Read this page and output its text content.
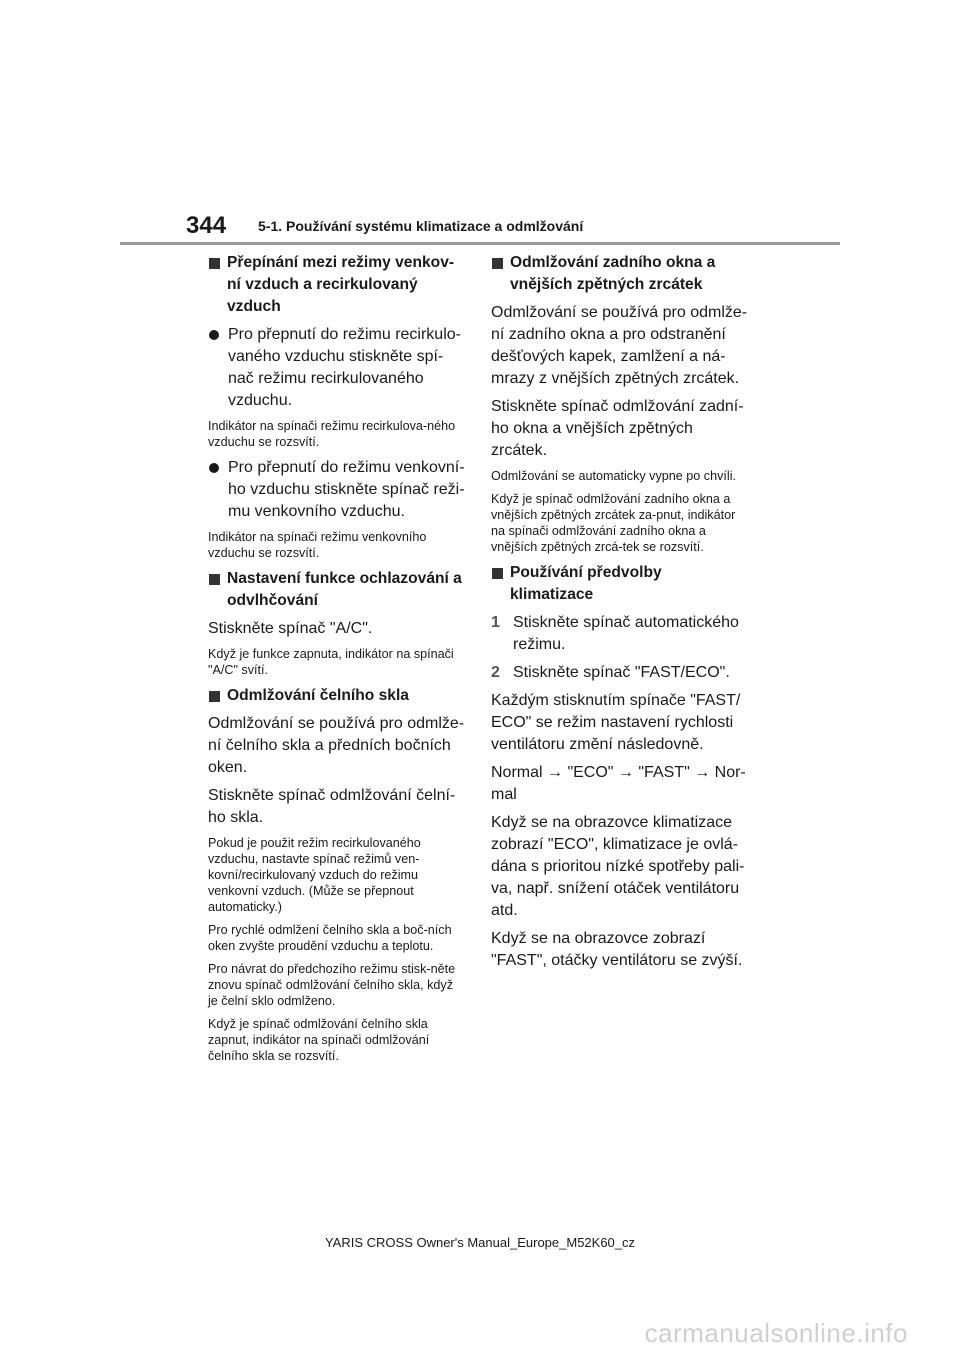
344 5-1. Používání systému klimatizace a odmlžování
Přepínání mezi režimy venkov-ní vzduch a recirkulovaný vzduch
Pro přepnutí do režimu recirkulo-vaného vzduchu stiskněte spí-nač režimu recirkulovaného vzduchu.
Indikátor na spínači režimu recirkulova-ného vzduchu se rozsvítí.
Pro přepnutí do režimu venkovní-ho vzduchu stiskněte spínač reži-mu venkovního vzduchu.
Indikátor na spínači režimu venkovního vzduchu se rozsvítí.
Nastavení funkce ochlazování a odvlhčování
Stiskněte spínač "A/C".
Když je funkce zapnuta, indikátor na spínači "A/C" svítí.
Odmlžování čelního skla
Odmlžování se používá pro odmlže-ní čelního skla a předních bočních oken.
Stiskněte spínač odmlžování čelní-ho skla.
Pokud je použit režim recirkulovaného vzduchu, nastavte spínač režimů ven-kovní/recirkulovaný vzduch do režimu venkovní vzduch. (Může se přepnout automaticky.)
Pro rychlé odmlžení čelního skla a boč-ních oken zvyšte proudění vzduchu a teplotu.
Pro návrat do předchozího režimu stisk-něte znovu spínač odmlžování čelního skla, když je čelní sklo odmlženo.
Když je spínač odmlžování čelního skla zapnut, indikátor na spínači odmlžování čelního skla se rozsvítí.
Odmlžování zadního okna a vnějších zpětných zrcátek
Odmlžování se používá pro odmlže-ní zadního okna a pro odstranění dešťových kapek, zamlžení a ná-mrazy z vnějších zpětných zrcátek.
Stiskněte spínač odmlžování zadní-ho okna a vnějších zpětných zrcátek.
Odmlžování se automaticky vypne po chvíli.
Když je spínač odmlžování zadního okna a vnějších zpětných zrcátek za-pnut, indikátor na spínači odmlžování zadního okna a vnějších zpětných zrcá-tek se rozsvítí.
Používání předvolby klimatizace
1 Stiskněte spínač automatického režimu.
2 Stiskněte spínač "FAST/ECO".
Každým stisknutím spínače "FAST/ ECO" se režim nastavení rychlosti ventilátoru změní následovně.
Normal → "ECO" → "FAST" → Nor-mal
Když se na obrazovce klimatizace zobrazí "ECO", klimatizace je ovlá-dána s prioritou nízké spotřeby pali-va, např. snížení otáček ventilátoru atd.
Když se na obrazovce zobrazí "FAST", otáčky ventilátoru se zvýší.
YARIS CROSS Owner's Manual_Europe_M52K60_cz
carmanualsonline.info
